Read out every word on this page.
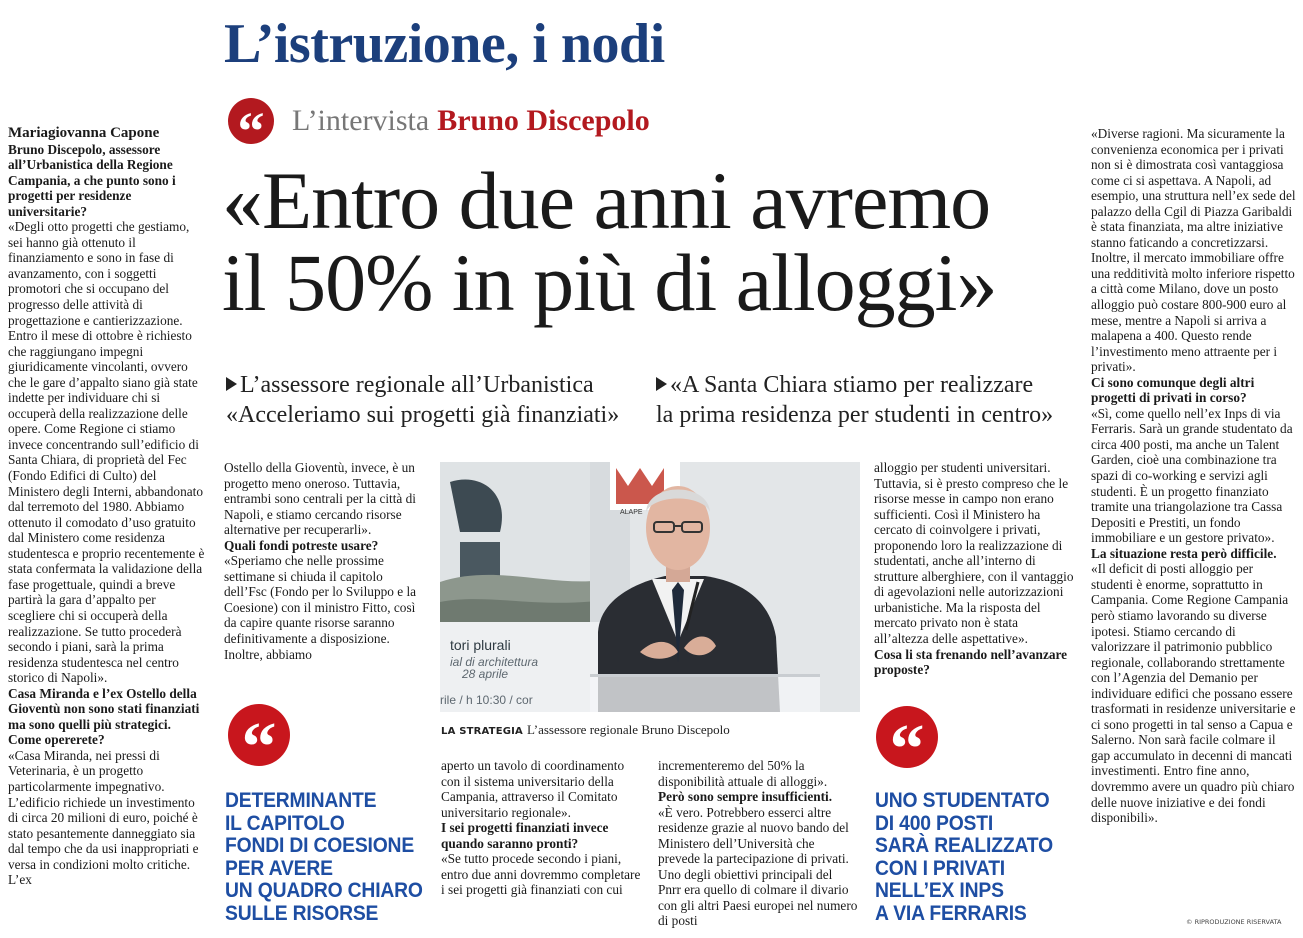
L’istruzione, i nodi
“ L’intervista Bruno Discepolo
«Entro due anni avremo
il 50% in più di alloggi»
L’assessore regionale all’Urbanistica
«Acceleriamo sui progetti già finanziati»
«A Santa Chiara stiamo per realizzare
la prima residenza per studenti in centro»

Mariagiovanna Capone

Bruno Discepolo, assessore all’Urbanistica della Regione Campania, a che punto sono i progetti per residenze universitarie?

«Degli otto progetti che gestiamo, sei hanno già ottenuto il finanziamento e sono in fase di avanzamento, con i soggetti promotori che si occupano del progresso delle attività di progettazione e cantierizzazione. Entro il mese di ottobre è richiesto che raggiungano impegni giuridicamente vincolanti, ovvero che le gare d’appalto siano già state indette per individuare chi si occuperà della realizzazione delle opere. Come Regione ci stiamo invece concentrando sull’edificio di Santa Chiara, di proprietà del Fec (Fondo Edifici di Culto) del Ministero degli Interni, abbandonato dal terremoto del 1980. Abbiamo ottenuto il comodato d’uso gratuito dal Ministero come residenza studentesca e proprio recentemente è stata confermata la validazione della fase progettuale, quindi a breve partirà la gara d’appalto per scegliere chi si occuperà della realizzazione. Se tutto procederà secondo i piani, sarà la prima residenza studentesca nel centro storico di Napoli».

Casa Miranda e l’ex Ostello della Gioventù non sono stati finanziati ma sono quelli più strategici. Come opererete?

«Casa Miranda, nei pressi di Veterinaria, è un progetto particolarmente impegnativo. L’edificio richiede un investimento di circa 20 milioni di euro, poiché è stato pesantemente danneggiato sia dal tempo che da usi inappropriati e versa in condizioni molto critiche. L’ex

Ostello della Gioventù, invece, è un progetto meno oneroso. Tuttavia, entrambi sono centrali per la città di Napoli, e stiamo cercando risorse alternative per recuperarli».

Quali fondi potreste usare?

«Speriamo che nelle prossime settimane si chiuda il capitolo dell’Fsc (Fondo per lo Sviluppo e la Coesione) con il ministro Fitto, così da capire quante risorse saranno definitivamente a disposizione. Inoltre, abbiamo

aperto un tavolo di coordinamento con il sistema universitario della Campania, attraverso il Comitato universitario regionale».

I sei progetti finanziati invece quando saranno pronti?

«Se tutto procede secondo i piani, entro due anni dovremmo completare i sei progetti già finanziati con cui

incrementeremo del 50% la disponibilità attuale di alloggi».

Però sono sempre insufficienti.

«È vero. Potrebbero esserci altre residenze grazie al nuovo bando del Ministero dell’Università che prevede la partecipazione di privati. Uno degli obiettivi principali del Pnrr era quello di colmare il divario con gli altri Paesi europei nel numero di posti

alloggio per studenti universitari. Tuttavia, si è presto compreso che le risorse messe in campo non erano sufficienti. Così il Ministero ha cercato di coinvolgere i privati, proponendo loro la realizzazione di studentati, anche all’interno di strutture alberghiere, con il vantaggio di agevolazioni nelle autorizzazioni urbanistiche. Ma la risposta del mercato privato non è stata all’altezza delle aspettative».

Cosa li sta frenando nell’avanzare proposte?

«Diverse ragioni. Ma sicuramente la convenienza economica per i privati non si è dimostrata così vantaggiosa come ci si aspettava. A Napoli, ad esempio, una struttura nell’ex sede del palazzo della Cgil di Piazza Garibaldi è stata finanziata, ma altre iniziative stanno faticando a concretizzarsi. Inoltre, il mercato immobiliare offre una redditività molto inferiore rispetto a città come Milano, dove un posto alloggio può costare 800-900 euro al mese, mentre a Napoli si arriva a malapena a 400. Questo rende l’investimento meno attraente per i privati».

Ci sono comunque degli altri progetti di privati in corso?

«Sì, come quello nell’ex Inps di via Ferraris. Sarà un grande studentato da circa 400 posti, ma anche un Talent Garden, cioè una combinazione tra spazi di co-working e servizi agli studenti. È un progetto finanziato tramite una triangolazione tra Cassa Depositi e Prestiti, un fondo immobiliare e un gestore privato».

La situazione resta però difficile.

«Il deficit di posti alloggio per studenti è enorme, soprattutto in Campania. Come Regione Campania però stiamo lavorando su diverse ipotesi. Stiamo cercando di valorizzare il patrimonio pubblico regionale, collaborando strettamente con l’Agenzia del Demanio per individuare edifici che possano essere trasformati in residenze universitarie e ci sono progetti in tal senso a Capua e Salerno. Non sarà facile colmare il gap accumulato in decenni di mancati investimenti. Entro fine anno, dovremmo avere un quadro più chiaro delle nuove iniziative e dei fondi disponibili».

tori plurali
ial di architettura
28 aprile
rile / h 10:30 / cor
ALAPE
LA STRATEGIA L’assessore regionale Bruno Discepolo
“
DETERMINANTE
IL CAPITOLO
FONDI DI COESIONE
PER AVERE
UN QUADRO CHIARO
SULLE RISORSE
“
UNO STUDENTATO
DI 400 POSTI
SARÀ REALIZZATO
CON I PRIVATI
NELL’EX INPS
A VIA FERRARIS	© RIPRODUZIONE RISERVATA
